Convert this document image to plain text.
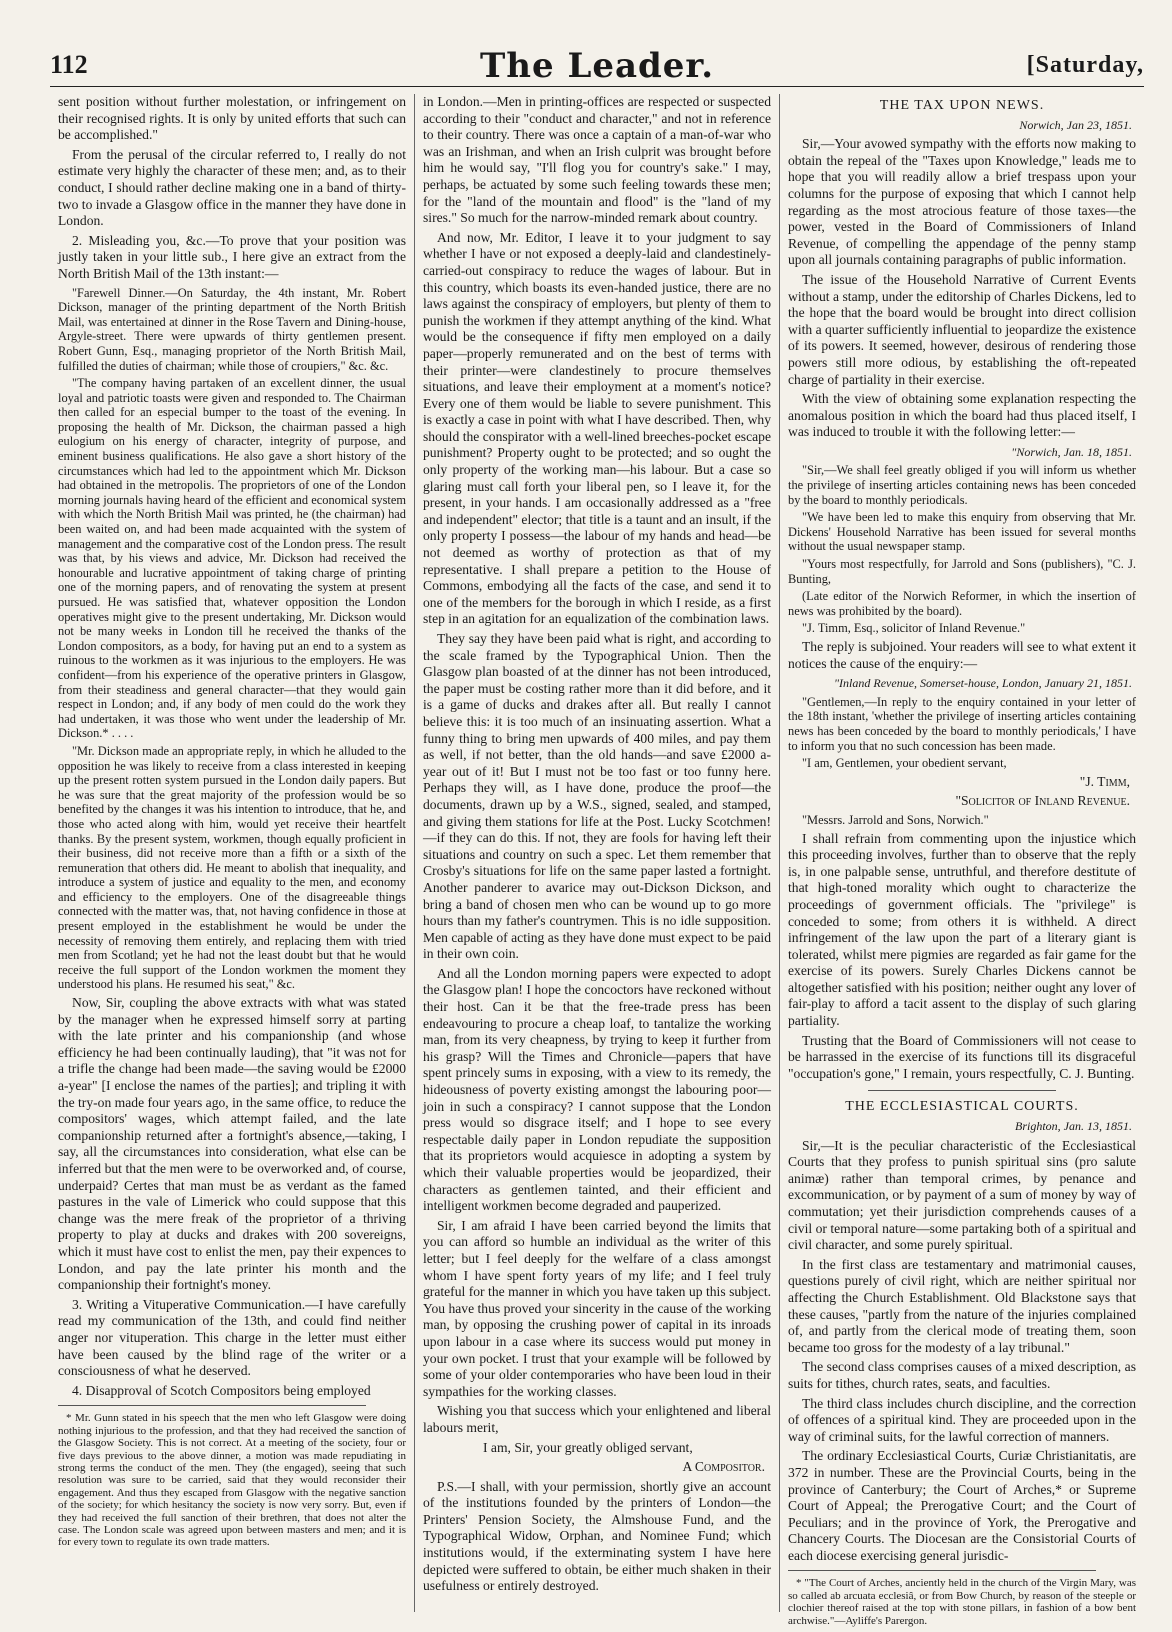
112	The Leader.	[Saturday,

sent position without further molestation, or infringement on their recognised rights. It is only by united efforts that such can be accomplished."

From the perusal of the circular referred to, I really do not estimate very highly the character of these men; and, as to their conduct, I should rather decline making one in a band of thirty-two to invade a Glasgow office in the manner they have done in London.

2. Misleading you, &c.—To prove that your position was justly taken in your little sub., I here give an extract from the North British Mail of the 13th instant:—

"Farewell Dinner.—On Saturday, the 4th instant, Mr. Robert Dickson, manager of the printing department of the North British Mail, was entertained at dinner in the Rose Tavern and Dining-house, Argyle-street. There were upwards of thirty gentlemen present. Robert Gunn, Esq., managing proprietor of the North British Mail, fulfilled the duties of chairman; while those of croupiers," &c. &c.

"The company having partaken of an excellent dinner, the usual loyal and patriotic toasts were given and responded to. The Chairman then called for an especial bumper to the toast of the evening. In proposing the health of Mr. Dickson, the chairman passed a high eulogium on his energy of character, integrity of purpose, and eminent business qualifications. He also gave a short history of the circumstances which had led to the appointment which Mr. Dickson had obtained in the metropolis. The proprietors of one of the London morning journals having heard of the efficient and economical system with which the North British Mail was printed, he (the chairman) had been waited on, and had been made acquainted with the system of management and the comparative cost of the London press. The result was that, by his views and advice, Mr. Dickson had received the honourable and lucrative appointment of taking charge of printing one of the morning papers, and of renovating the system at present pursued. He was satisfied that, whatever opposition the London operatives might give to the present undertaking, Mr. Dickson would not be many weeks in London till he received the thanks of the London compositors, as a body, for having put an end to a system as ruinous to the workmen as it was injurious to the employers. He was confident—from his experience of the operative printers in Glasgow, from their steadiness and general character—that they would gain respect in London; and, if any body of men could do the work they had undertaken, it was those who went under the leadership of Mr. Dickson.* . . . .

"Mr. Dickson made an appropriate reply, in which he alluded to the opposition he was likely to receive from a class interested in keeping up the present rotten system pursued in the London daily papers. But he was sure that the great majority of the profession would be so benefited by the changes it was his intention to introduce, that he, and those who acted along with him, would yet receive their heartfelt thanks. By the present system, workmen, though equally proficient in their business, did not receive more than a fifth or a sixth of the remuneration that others did. He meant to abolish that inequality, and introduce a system of justice and equality to the men, and economy and efficiency to the employers. One of the disagreeable things connected with the matter was, that, not having confidence in those at present employed in the establishment he would be under the necessity of removing them entirely, and replacing them with tried men from Scotland; yet he had not the least doubt but that he would receive the full support of the London workmen the moment they understood his plans. He resumed his seat," &c.

Now, Sir, coupling the above extracts with what was stated by the manager when he expressed himself sorry at parting with the late printer and his companionship (and whose efficiency he had been continually lauding), that "it was not for a trifle the change had been made—the saving would be £2000 a-year" [I enclose the names of the parties]; and tripling it with the try-on made four years ago, in the same office, to reduce the compositors' wages, which attempt failed, and the late companionship returned after a fortnight's absence,—taking, I say, all the circumstances into consideration, what else can be inferred but that the men were to be overworked and, of course, underpaid? Certes that man must be as verdant as the famed pastures in the vale of Limerick who could suppose that this change was the mere freak of the proprietor of a thriving property to play at ducks and drakes with 200 sovereigns, which it must have cost to enlist the men, pay their expences to London, and pay the late printer his month and the companionship their fortnight's money.

3. Writing a Vituperative Communication.—I have carefully read my communication of the 13th, and could find neither anger nor vituperation. This charge in the letter must either have been caused by the blind rage of the writer or a consciousness of what he deserved.

4. Disapproval of Scotch Compositors being employed

* Mr. Gunn stated in his speech that the men who left Glasgow were doing nothing injurious to the profession, and that they had received the sanction of the Glasgow Society. This is not correct. At a meeting of the society, four or five days previous to the above dinner, a motion was made repudiating in strong terms the conduct of the men. They (the engaged), seeing that such resolution was sure to be carried, said that they would reconsider their engagement. And thus they escaped from Glasgow with the negative sanction of the society; for which hesitancy the society is now very sorry. But, even if they had received the full sanction of their brethren, that does not alter the case. The London scale was agreed upon between masters and men; and it is for every town to regulate its own trade matters.

in London.—Men in printing-offices are respected or suspected according to their "conduct and character," and not in reference to their country. There was once a captain of a man-of-war who was an Irishman, and when an Irish culprit was brought before him he would say, "I'll flog you for country's sake." I may, perhaps, be actuated by some such feeling towards these men; for the "land of the mountain and flood" is the "land of my sires." So much for the narrow-minded remark about country.

And now, Mr. Editor, I leave it to your judgment to say whether I have or not exposed a deeply-laid and clandestinely-carried-out conspiracy to reduce the wages of labour. But in this country, which boasts its even-handed justice, there are no laws against the conspiracy of employers, but plenty of them to punish the workmen if they attempt anything of the kind. What would be the consequence if fifty men employed on a daily paper—properly remunerated and on the best of terms with their printer—were clandestinely to procure themselves situations, and leave their employment at a moment's notice? Every one of them would be liable to severe punishment. This is exactly a case in point with what I have described. Then, why should the conspirator with a well-lined breeches-pocket escape punishment? Property ought to be protected; and so ought the only property of the working man—his labour. But a case so glaring must call forth your liberal pen, so I leave it, for the present, in your hands. I am occasionally addressed as a "free and independent" elector; that title is a taunt and an insult, if the only property I possess—the labour of my hands and head—be not deemed as worthy of protection as that of my representative. I shall prepare a petition to the House of Commons, embodying all the facts of the case, and send it to one of the members for the borough in which I reside, as a first step in an agitation for an equalization of the combination laws.

They say they have been paid what is right, and according to the scale framed by the Typographical Union. Then the Glasgow plan boasted of at the dinner has not been introduced, the paper must be costing rather more than it did before, and it is a game of ducks and drakes after all. But really I cannot believe this: it is too much of an insinuating assertion. What a funny thing to bring men upwards of 400 miles, and pay them as well, if not better, than the old hands—and save £2000 a-year out of it! But I must not be too fast or too funny here. Perhaps they will, as I have done, produce the proof—the documents, drawn up by a W.S., signed, sealed, and stamped, and giving them stations for life at the Post. Lucky Scotchmen!—if they can do this. If not, they are fools for having left their situations and country on such a spec. Let them remember that Crosby's situations for life on the same paper lasted a fortnight. Another panderer to avarice may out-Dickson Dickson, and bring a band of chosen men who can be wound up to go more hours than my father's countrymen. This is no idle supposition. Men capable of acting as they have done must expect to be paid in their own coin.

And all the London morning papers were expected to adopt the Glasgow plan! I hope the concoctors have reckoned without their host. Can it be that the free-trade press has been endeavouring to procure a cheap loaf, to tantalize the working man, from its very cheapness, by trying to keep it further from his grasp? Will the Times and Chronicle—papers that have spent princely sums in exposing, with a view to its remedy, the hideousness of poverty existing amongst the labouring poor—join in such a conspiracy? I cannot suppose that the London press would so disgrace itself; and I hope to see every respectable daily paper in London repudiate the supposition that its proprietors would acquiesce in adopting a system by which their valuable properties would be jeopardized, their characters as gentlemen tainted, and their efficient and intelligent workmen become degraded and pauperized.

Sir, I am afraid I have been carried beyond the limits that you can afford so humble an individual as the writer of this letter; but I feel deeply for the welfare of a class amongst whom I have spent forty years of my life; and I feel truly grateful for the manner in which you have taken up this subject. You have thus proved your sincerity in the cause of the working man, by opposing the crushing power of capital in its inroads upon labour in a case where its success would put money in your own pocket. I trust that your example will be followed by some of your older contemporaries who have been loud in their sympathies for the working classes.

Wishing you that success which your enlightened and liberal labours merit,

I am, Sir, your greatly obliged servant,

A Compositor.

P.S.—I shall, with your permission, shortly give an account of the institutions founded by the printers of London—the Printers' Pension Society, the Almshouse Fund, and the Typographical Widow, Orphan, and Nominee Fund; which institutions would, if the exterminating system I have here depicted were suffered to obtain, be either much shaken in their usefulness or entirely destroyed.

THE TAX UPON NEWS.
Norwich, Jan 23, 1851.

Sir,—Your avowed sympathy with the efforts now making to obtain the repeal of the "Taxes upon Knowledge," leads me to hope that you will readily allow a brief trespass upon your columns for the purpose of exposing that which I cannot help regarding as the most atrocious feature of those taxes—the power, vested in the Board of Commissioners of Inland Revenue, of compelling the appendage of the penny stamp upon all journals containing paragraphs of public information.

The issue of the Household Narrative of Current Events without a stamp, under the editorship of Charles Dickens, led to the hope that the board would be brought into direct collision with a quarter sufficiently influential to jeopardize the existence of its powers. It seemed, however, desirous of rendering those powers still more odious, by establishing the oft-repeated charge of partiality in their exercise.

With the view of obtaining some explanation respecting the anomalous position in which the board had thus placed itself, I was induced to trouble it with the following letter:—

"Norwich, Jan. 18, 1851.

"Sir,—We shall feel greatly obliged if you will inform us whether the privilege of inserting articles containing news has been conceded by the board to monthly periodicals.

"We have been led to make this enquiry from observing that Mr. Dickens' Household Narrative has been issued for several months without the usual newspaper stamp.

"Yours most respectfully, for Jarrold and Sons (publishers), "C. J. Bunting,

(Late editor of the Norwich Reformer, in which the insertion of news was prohibited by the board).

"J. Timm, Esq., solicitor of Inland Revenue."

The reply is subjoined. Your readers will see to what extent it notices the cause of the enquiry:—

"Inland Revenue, Somerset-house, London, January 21, 1851.

"Gentlemen,—In reply to the enquiry contained in your letter of the 18th instant, 'whether the privilege of inserting articles containing news has been conceded by the board to monthly periodicals,' I have to inform you that no such concession has been made.

"I am, Gentlemen, your obedient servant,

"J. Timm,
"Solicitor of Inland Revenue.

"Messrs. Jarrold and Sons, Norwich."

I shall refrain from commenting upon the injustice which this proceeding involves, further than to observe that the reply is, in one palpable sense, untruthful, and therefore destitute of that high-toned morality which ought to characterize the proceedings of government officials. The "privilege" is conceded to some; from others it is withheld. A direct infringement of the law upon the part of a literary giant is tolerated, whilst mere pigmies are regarded as fair game for the exercise of its powers. Surely Charles Dickens cannot be altogether satisfied with his position; neither ought any lover of fair-play to afford a tacit assent to the display of such glaring partiality.

Trusting that the Board of Commissioners will not cease to be harrassed in the exercise of its functions till its disgraceful "occupation's gone," I remain, yours respectfully, C. J. Bunting.

THE ECCLESIASTICAL COURTS.
Brighton, Jan. 13, 1851.

Sir,—It is the peculiar characteristic of the Ecclesiastical Courts that they profess to punish spiritual sins (pro salute animæ) rather than temporal crimes, by penance and excommunication, or by payment of a sum of money by way of commutation; yet their jurisdiction comprehends causes of a civil or temporal nature—some partaking both of a spiritual and civil character, and some purely spiritual.

In the first class are testamentary and matrimonial causes, questions purely of civil right, which are neither spiritual nor affecting the Church Establishment. Old Blackstone says that these causes, "partly from the nature of the injuries complained of, and partly from the clerical mode of treating them, soon became too gross for the modesty of a lay tribunal."

The second class comprises causes of a mixed description, as suits for tithes, church rates, seats, and faculties.

The third class includes church discipline, and the correction of offences of a spiritual kind. They are proceeded upon in the way of criminal suits, for the lawful correction of manners.

The ordinary Ecclesiastical Courts, Curiæ Christianitatis, are 372 in number. These are the Provincial Courts, being in the province of Canterbury; the Court of Arches,* or Supreme Court of Appeal; the Prerogative Court; and the Court of Peculiars; and in the province of York, the Prerogative and Chancery Courts. The Diocesan are the Consistorial Courts of each diocese exercising general jurisdic-

* "The Court of Arches, anciently held in the church of the Virgin Mary, was so called ab arcuata ecclesiâ, or from Bow Church, by reason of the steeple or clochier thereof raised at the top with stone pillars, in fashion of a bow bent archwise."—Ayliffe's Parergon.
